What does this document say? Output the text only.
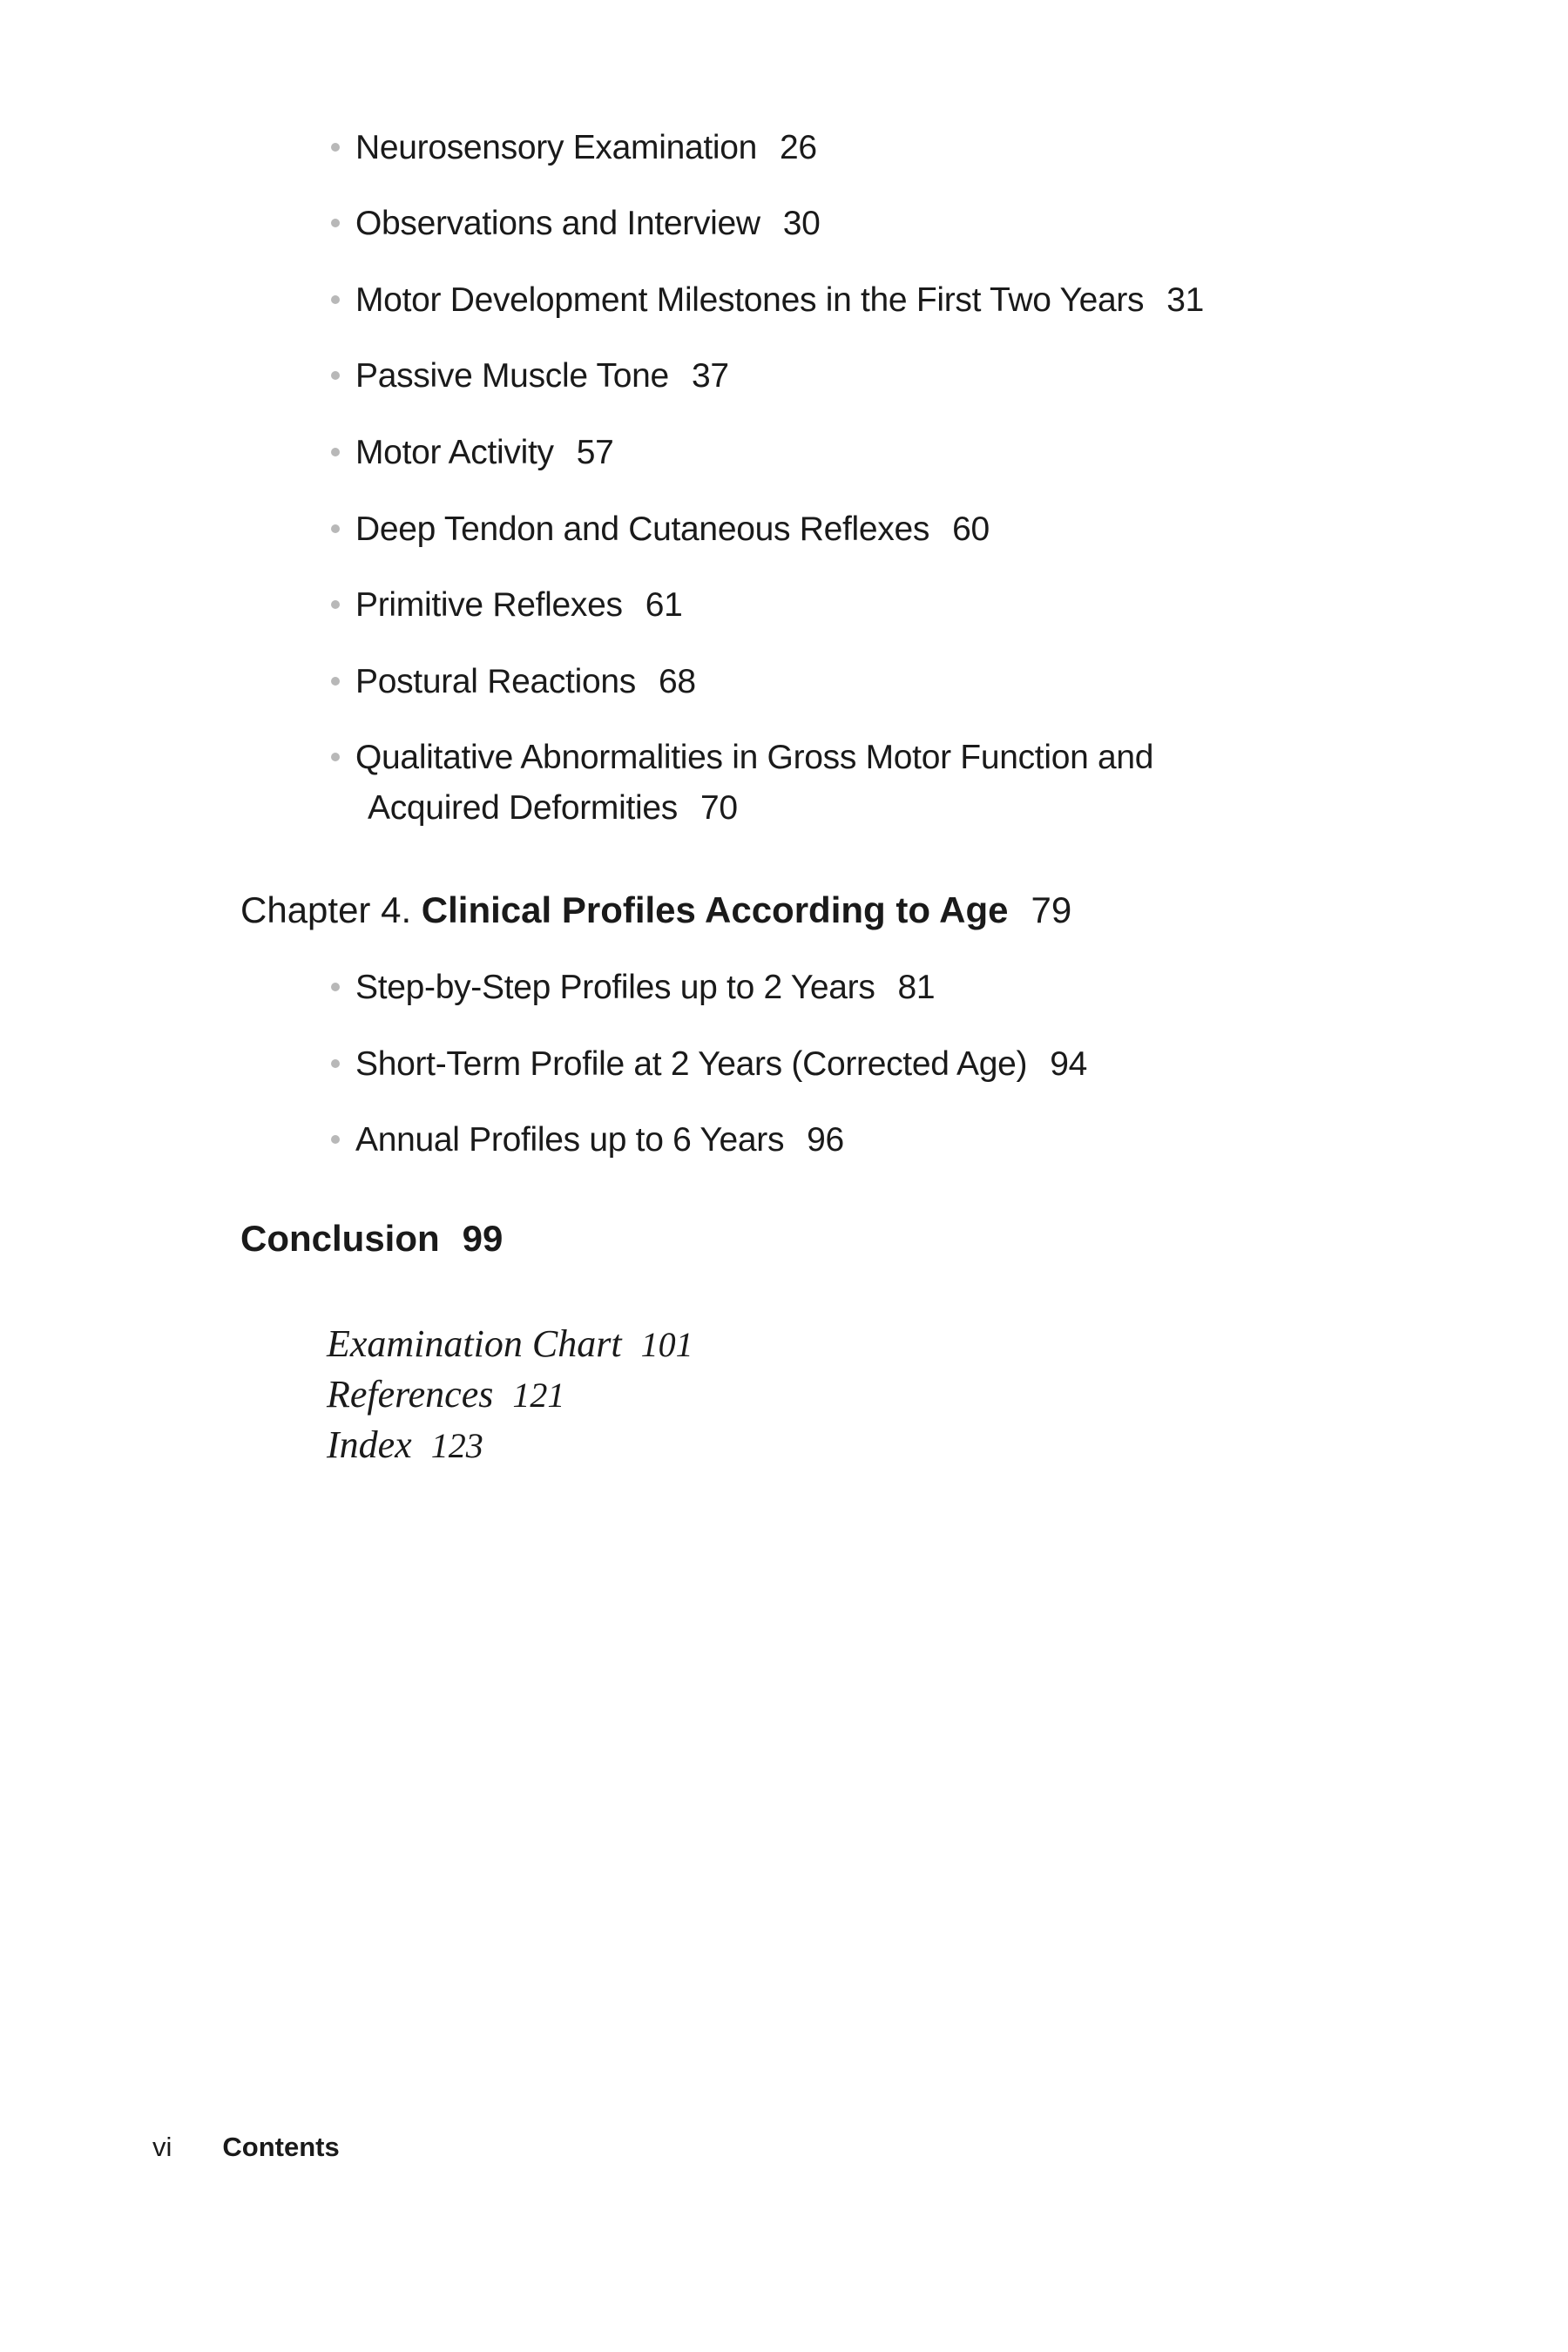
Neurosensory Examination 26
Observations and Interview 30
Motor Development Milestones in the First Two Years 31
Passive Muscle Tone 37
Motor Activity 57
Deep Tendon and Cutaneous Reflexes 60
Primitive Reflexes 61
Postural Reactions 68
Qualitative Abnormalities in Gross Motor Function and
Acquired Deformities 70
Chapter 4. Clinical Profiles According to Age 79
Step-by-Step Profiles up to 2 Years 81
Short-Term Profile at 2 Years (Corrected Age) 94
Annual Profiles up to 6 Years 96
Conclusion 99
Examination Chart 101
References 121
Index 123
vi Contents
